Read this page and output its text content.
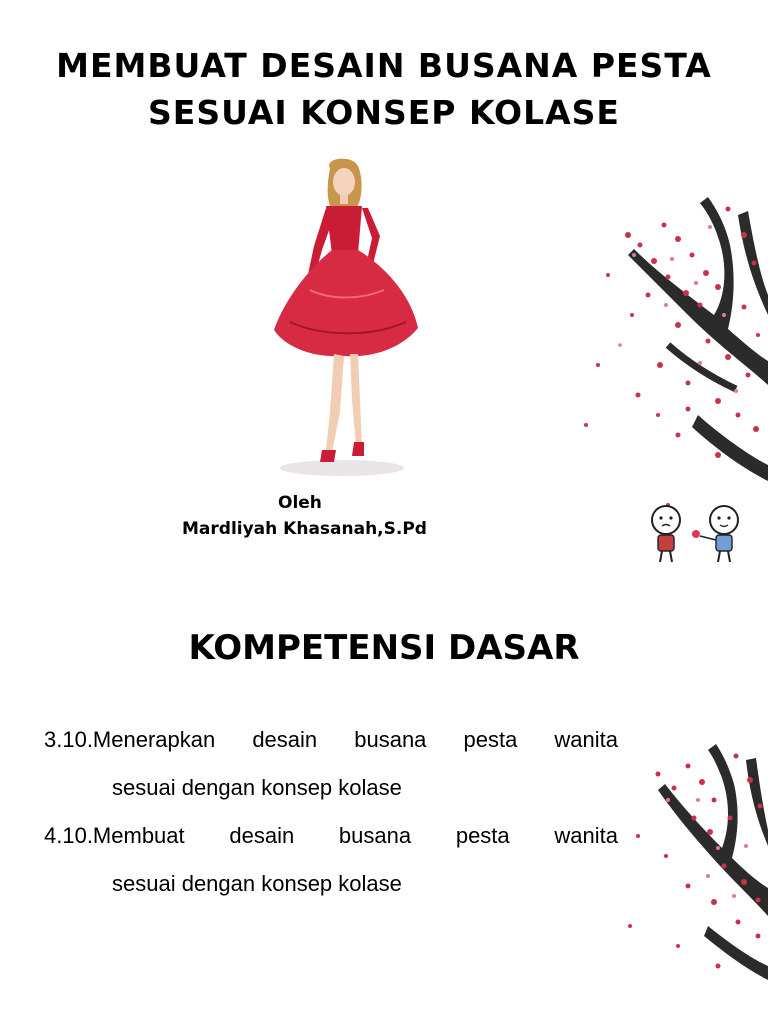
MEMBUAT DESAIN BUSANA PESTA
SESUAI KONSEP KOLASE
Oleh
Mardliyah Khasanah,S.Pd
KOMPETENSI DASAR
3.10.Menerapkan desain busana pesta wanita
sesuai dengan konsep kolase
4.10.Membuat desain busana pesta wanita
sesuai dengan konsep kolase
